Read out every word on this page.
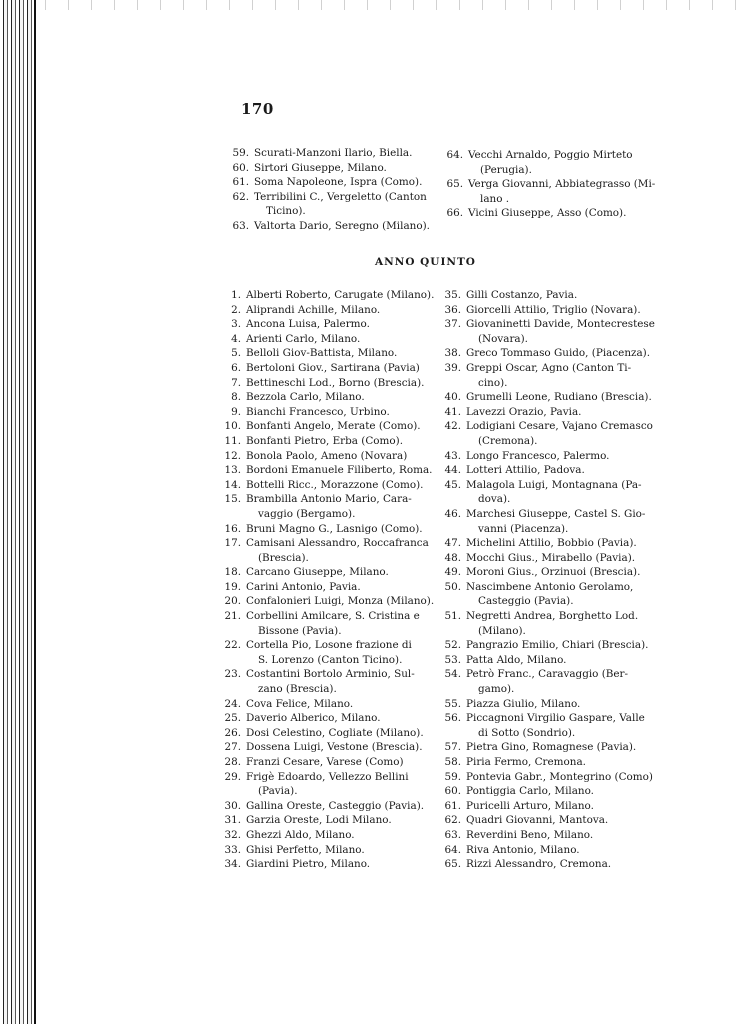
170
59. Scurati-Manzoni Ilario, Biella.
60. Sirtori Giuseppe, Milano.
61. Soma Napoleone, Ispra (Como).
62. Terribilini C., Vergeletto (Canton
Ticino).
63. Valtorta Dario, Seregno (Milano).
64. Vecchi Arnaldo, Poggio Mirteto
(Perugia).
65. Verga Giovanni, Abbiategrasso (Mi-
lano .
66. Vicini Giuseppe, Asso (Como).
ANNO QUINTO
1. Alberti Roberto, Carugate (Milano).
2. Aliprandi Achille, Milano.
3. Ancona Luisa, Palermo.
4. Arienti Carlo, Milano.
5. Belloli Giov-Battista, Milano.
6. Bertoloni Giov., Sartirana (Pavia)
7. Bettineschi Lod., Borno (Brescia).
8. Bezzola Carlo, Milano.
9. Bianchi Francesco, Urbino.
10. Bonfanti Angelo, Merate (Como).
11. Bonfanti Pietro, Erba (Como).
12. Bonola Paolo, Ameno (Novara)
13. Bordoni Emanuele Filiberto, Roma.
14. Bottelli Ricc., Morazzone (Como).
15. Brambilla Antonio Mario, Cara-
vaggio (Bergamo).
16. Bruni Magno G., Lasnigo (Como).
17. Camisani Alessandro, Roccafranca
(Brescia).
18. Carcano Giuseppe, Milano.
19. Carini Antonio, Pavia.
20. Confalonieri Luigi, Monza (Milano).
21. Corbellini Amilcare, S. Cristina e
Bissone (Pavia).
22. Cortella Pio, Losone frazione di
S. Lorenzo (Canton Ticino).
23. Costantini Bortolo Arminio, Sul-
zano (Brescia).
24. Cova Felice, Milano.
25. Daverio Alberico, Milano.
26. Dosi Celestino, Cogliate (Milano).
27. Dossena Luigi, Vestone (Brescia).
28. Franzi Cesare, Varese (Como)
29. Frigè Edoardo, Vellezzo Bellini
(Pavia).
30. Gallina Oreste, Casteggio (Pavia).
31. Garzia Oreste, Lodi Milano.
32. Ghezzi Aldo, Milano.
33. Ghisi Perfetto, Milano.
34. Giardini Pietro, Milano.
35. Gilli Costanzo, Pavia.
36. Giorcelli Attilio, Triglio (Novara).
37. Giovaninetti Davide, Montecrestese
(Novara).
38. Greco Tommaso Guido, (Piacenza).
39. Greppi Oscar, Agno (Canton Ti-
cino).
40. Grumelli Leone, Rudiano (Brescia).
41. Lavezzi Orazio, Pavia.
42. Lodigiani Cesare, Vajano Cremasco
(Cremona).
43. Longo Francesco, Palermo.
44. Lotteri Attilio, Padova.
45. Malagola Luigi, Montagnana (Pa-
dova).
46. Marchesi Giuseppe, Castel S. Gio-
vanni (Piacenza).
47. Michelini Attilio, Bobbio (Pavia).
48. Mocchi Gius., Mirabello (Pavia).
49. Moroni Gius., Orzinuoi (Brescia).
50. Nascimbene Antonio Gerolamo,
Casteggio (Pavia).
51. Negretti Andrea, Borghetto Lod.
(Milano).
52. Pangrazio Emilio, Chiari (Brescia).
53. Patta Aldo, Milano.
54. Petrò Franc., Caravaggio (Ber-
gamo).
55. Piazza Giulio, Milano.
56. Piccagnoni Virgilio Gaspare, Valle
di Sotto (Sondrio).
57. Pietra Gino, Romagnese (Pavia).
58. Piria Fermo, Cremona.
59. Pontevia Gabr., Montegrino (Como)
60. Pontiggia Carlo, Milano.
61. Puricelli Arturo, Milano.
62. Quadri Giovanni, Mantova.
63. Reverdini Beno, Milano.
64. Riva Antonio, Milano.
65. Rizzi Alessandro, Cremona.
